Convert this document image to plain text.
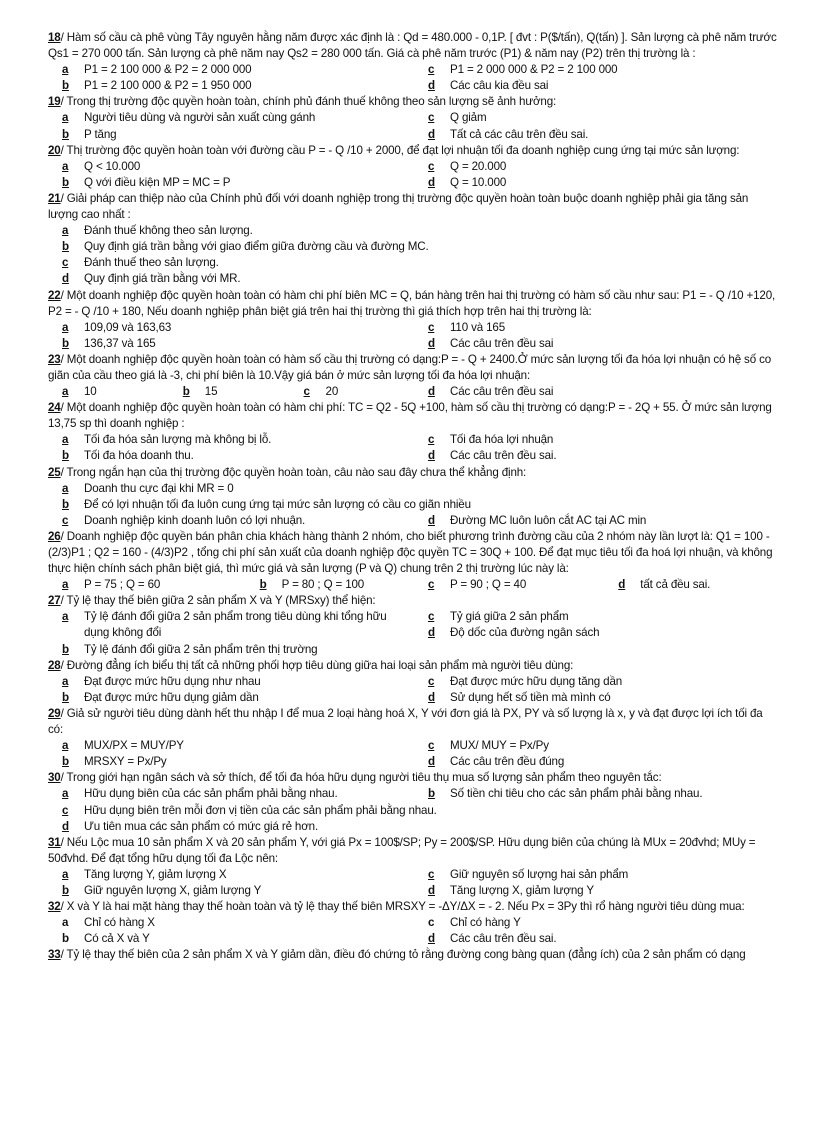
18/ Hàm số cầu cà phê vùng Tây nguyên hằng năm được xác định là : Qd = 480.000 - 0,1P. [ đvt : P($/tấn), Q(tấn) ]. Sản lượng cà phê năm trước Qs1 = 270 000 tấn. Sản lượng cà phê năm nay Qs2 = 280 000 tấn. Giá cà phê năm trước (P1) & năm nay (P2) trên thị trường là :
a	P1 = 2 100 000 & P2 = 2 000 000	c	P1 = 2 000 000 & P2 = 2 100 000
b	P1 = 2 100 000 & P2 = 1 950 000	d	Các câu kia đều sai
19/ Trong thị trường độc quyền hoàn toàn, chính phủ đánh thuế không theo sản lượng sẽ ảnh hưởng:
a	Người tiêu dùng và người sản xuất cùng gánh	c	Q giảm
b	P tăng	d	Tất cả các câu trên đều sai.
20/ Thị trường độc quyền hoàn toàn với đường cầu P = - Q /10 + 2000, để đạt lợi nhuận tối đa doanh nghiệp cung ứng tại mức sản lượng:
a	Q < 10.000	c	Q = 20.000
b	Q với điều kiện MP = MC = P	d	Q = 10.000
21/ Giải pháp can thiệp nào của Chính phủ đối với doanh nghiệp trong thị trường độc quyền hoàn toàn buộc doanh nghiệp phải gia tăng sản lượng cao nhất :
a	Đánh thuế không theo sản lượng.
b	Quy định giá trần bằng với giao điểm giữa đường cầu và đường MC.
c	Đánh thuế theo sản lượng.
d	Quy định giá trần bằng với MR.
22/ Một doanh nghiệp độc quyền hoàn toàn có hàm chi phí biên MC = Q, bán hàng trên hai thị trường có hàm số cầu như sau: P1 = - Q /10 +120, P2 = - Q /10 + 180, Nếu doanh nghiệp phân biệt giá trên hai thị trường thì giá thích hợp trên hai thị trường là:
a	109,09 và 163,63	c	110 và 165
b	136,37 và 165	d	Các câu trên đều sai
23/ Một doanh nghiệp độc quyền hoàn toàn có hàm số cầu thị trường có dạng:P = - Q + 2400.Ở mức sản lượng tối đa hóa lợi nhuận có hệ số co giãn của cầu theo giá là -3, chi phí biên là 10.Vậy giá bán ở mức sản lượng tối đa hóa lợi nhuận:
a	10	b	15	c	20	d	Các câu trên đều sai
24/ Một doanh nghiệp độc quyền hoàn toàn có hàm chi phí: TC = Q2 - 5Q +100, hàm số cầu thị trường có dạng:P = - 2Q + 55. Ở mức sản lượng 13,75 sp thì doanh nghiệp :
a	Tối đa hóa sản lượng mà không bị lỗ.	c	Tối đa hóa lợi nhuận
b	Tối đa hóa doanh thu.	d	Các câu trên đều sai.
25/ Trong ngắn hạn của thị trường độc quyền hoàn toàn, câu nào sau đây chưa thể khẳng định:
a	Doanh thu cực đại khi MR = 0
b	Để có lợi nhuận tối đa luôn cung ứng tại mức sản lượng có cầu co giãn nhiều
c	Doanh nghiệp kinh doanh luôn có lợi nhuận.	d	Đường MC luôn luôn cắt AC tại AC min
26/ Doanh nghiệp độc quyền bán phân chia khách hàng thành 2 nhóm, cho biết phương trình đường cầu của 2 nhóm này lần lượt là: Q1 = 100 - (2/3)P1 ; Q2 = 160 - (4/3)P2 , tổng chi phí sản xuất của doanh nghiệp độc quyền TC = 30Q + 100. Để đạt mục tiêu tối đa hoá lợi nhuận, và không thực hiện chính sách phân biệt giá, thì mức giá và sản lượng (P và Q) chung trên 2 thị trường lúc này là:
a	P = 75 ; Q = 60	b	P = 80 ; Q = 100	c	P = 90 ; Q = 40	d	tất cả đều sai.
27/ Tỷ lệ thay thế biên giữa 2 sản phẩm X và Y (MRSxy) thể hiện:
a	Tỷ lệ đánh đổi giữa 2 sản phẩm trong tiêu dùng khi tổng hữu dụng không đổi
c	Tỷ giá giữa 2 sản phẩm
d	Độ dốc của đường ngân sách
b	Tỷ lệ đánh đổi giữa 2 sản phẩm trên thị trường
28/ Đường đẳng ích biểu thị tất cả những phối hợp tiêu dùng giữa hai loại sản phẩm mà người tiêu dùng:
a	Đạt được mức hữu dụng như nhau	c	Đạt được mức hữu dụng tăng dần
b	Đạt được mức hữu dụng giảm dần	d	Sử dụng hết số tiền mà mình có
29/ Giả sử người tiêu dùng dành hết thu nhập I để mua 2 loại hàng hoá X, Y với đơn giá là PX, PY và số lượng là x, y và đạt được lợi ích tối đa có:
a	MUX/PX = MUY/PY	c	MUX/ MUY = Px/Py
b	MRSXY = Px/Py	d	Các câu trên đều đúng
30/ Trong giới hạn ngân sách và sở thích, để tối đa hóa hữu dụng người tiêu thụ mua số lượng sản phẩm theo nguyên tắc:
a	Hữu dụng biên của các sản phẩm phải bằng nhau.	b	Số tiền chi tiêu cho các sản phẩm phải bằng nhau.
c	Hữu dụng biên trên mỗi đơn vị tiền của các sản phẩm phải bằng nhau.
d	Ưu tiên mua các sản phẩm có mức giá rẻ hơn.
31/ Nếu Lộc mua 10 sản phẩm X và 20 sản phẩm Y, với giá Px = 100$/SP; Py = 200$/SP. Hữu dụng biên của chúng là MUx = 20đvhd; MUy = 50đvhd. Để đạt tổng hữu dụng tối đa Lộc nên:
a	Tăng lượng Y, giảm lượng X	c	Giữ nguyên số lượng hai sản phẩm
b	Giữ nguyên lượng X, giảm lượng Y	d	Tăng lượng X, giảm lượng Y
32/ X và Y là hai mặt hàng thay thế hoàn toàn và tỷ lệ thay thế biên MRSXY = -ΔY/ΔX = - 2. Nếu Px = 3Py thì rổ hàng người tiêu dùng mua:
a	Chỉ có hàng X	c	Chỉ có hàng Y
b	Có cả X và Y	d	Các câu trên đều sai.
33/ Tỷ lệ thay thế biên của 2 sản phẩm X và Y giảm dần, điều đó chứng tỏ rằng đường cong bàng quan (đẳng ích) của 2 sản phẩm có dạng
